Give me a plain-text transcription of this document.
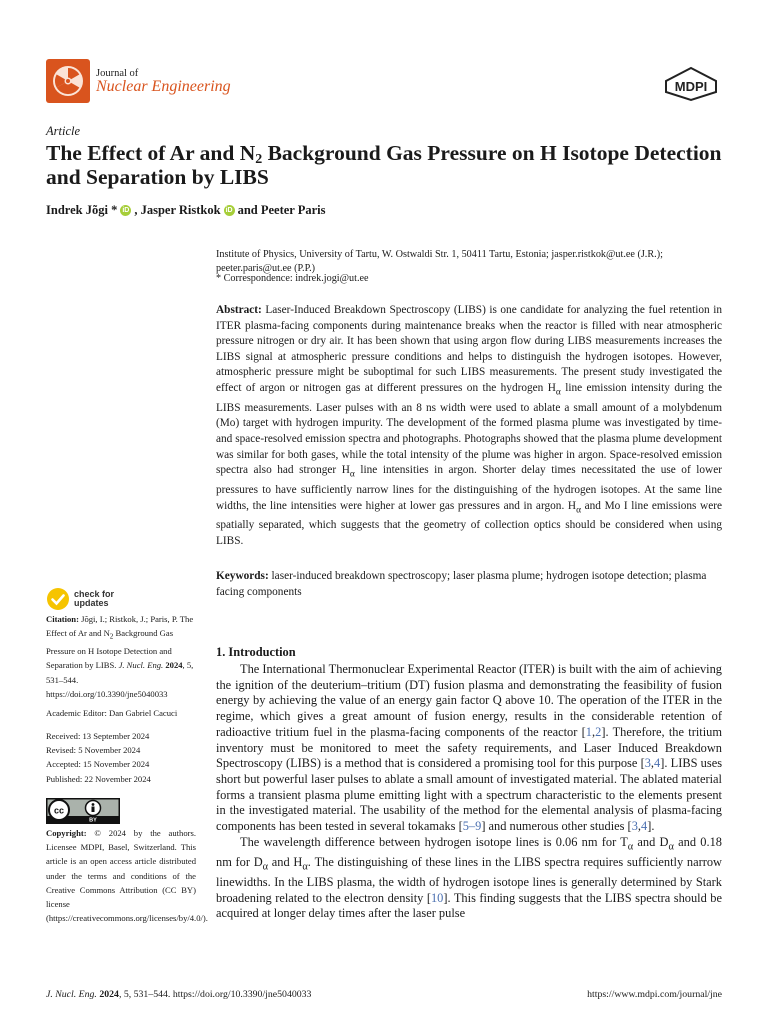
Journal of
Nuclear Engineering	MDPI
Article
The Effect of Ar and $N_2$ Background Gas Pressure on H Isotope Detection and Separation by LIBS
Indrek Jõgi * iD , Jasper Ristkok iD and Peeter Paris
Institute of Physics, University of Tartu, W. Ostwaldi Str. 1, 50411 Tartu, Estonia; jasper.ristkok@ut.ee (J.R.); peeter.paris@ut.ee (P.P.)
* Correspondence: indrek.jogi@ut.ee
Abstract: Laser-Induced Breakdown Spectroscopy (LIBS) is one candidate for analyzing the fuel retention in ITER plasma-facing components during maintenance breaks when the reactor is filled with near atmospheric pressure nitrogen or dry air. It has been shown that using argon flow during LIBS measurements increases the LIBS signal at atmospheric pressure conditions and helps to distinguish the hydrogen isotopes. However, atmospheric pressure might be suboptimal for such LIBS measurements. The present study investigated the effect of argon or nitrogen gas at different pressures on the hydrogen $H_\alpha$ line emission intensity during the LIBS measurements. Laser pulses with an 8 ns width were used to ablate a small amount of a molybdenum (Mo) target with hydrogen impurity. The development of the formed plasma plume was investigated by time- and space-resolved emission spectra and photographs. Photographs showed that the plasma plume development was similar for both gases, while the total intensity of the plume was higher in argon. Space-resolved emission spectra also had stronger $H_\alpha$ line intensities in argon. Shorter delay times necessitated the use of lower pressures to have sufficiently narrow lines for the distinguishing of the hydrogen isotopes. At the same line widths, the line intensities were higher at lower gas pressures and in argon. $H_\alpha$ and Mo I line emissions were spatially separated, which suggests that the geometry of collection optics should be considered when using LIBS.
Keywords: laser-induced breakdown spectroscopy; laser plasma plume; hydrogen isotope detection; plasma facing components
check for
updates
Citation: Jõgi, I.; Ristkok, J.; Paris, P. The Effect of Ar and $N_2$ Background Gas Pressure on H Isotope Detection and Separation by LIBS. J. Nucl. Eng. 2024, 5, 531–544. https://doi.org/10.3390/jne5040033
Academic Editor: Dan Gabriel Cacuci
Received: 13 September 2024
Revised: 5 November 2024
Accepted: 15 November 2024
Published: 22 November 2024
cc
BY
Copyright: © 2024 by the authors. Licensee MDPI, Basel, Switzerland. This article is an open access article distributed under the terms and conditions of the Creative Commons Attribution (CC BY) license (https://creativecommons.org/licenses/by/4.0/).
1. Introduction

The International Thermonuclear Experimental Reactor (ITER) is built with the aim of achieving the ignition of the deuterium–tritium (DT) fusion plasma and demonstrating the feasibility of fusion energy by achieving the value of an energy gain factor Q above 10. The operation of the ITER in the regime, which gives a great amount of fusion energy, results in the considerable retention of radioactive tritium fuel in the plasma-facing components of the reactor [1,2]. Therefore, the tritium inventory must be monitored to meet the safety requirements, and Laser Induced Breakdown Spectroscopy (LIBS) is a method that is considered a promising tool for this purpose [3,4]. LIBS uses short but powerful laser pulses to ablate a small amount of investigated material. The ablated material forms a transient plasma plume emitting light with a spectrum characteristic to the elements present in the investigated material. The usability of the method for the elemental analysis of plasma-facing components has been tested in several tokamaks [5–9] and numerous other studies [3,4].

The wavelength difference between hydrogen isotope lines is 0.06 nm for $T_\alpha$ and $D_\alpha$ and 0.18 nm for $D_\alpha$ and $H_\alpha$. The distinguishing of these lines in the LIBS spectra requires sufficiently narrow linewidths. In the LIBS plasma, the width of hydrogen isotope lines is generally determined by Stark broadening related to the electron density [10]. This finding suggests that the LIBS spectra should be acquired at longer delay times after the laser pulse

J. Nucl. Eng. 2024, 5, 531–544. https://doi.org/10.3390/jne5040033	https://www.mdpi.com/journal/jne
